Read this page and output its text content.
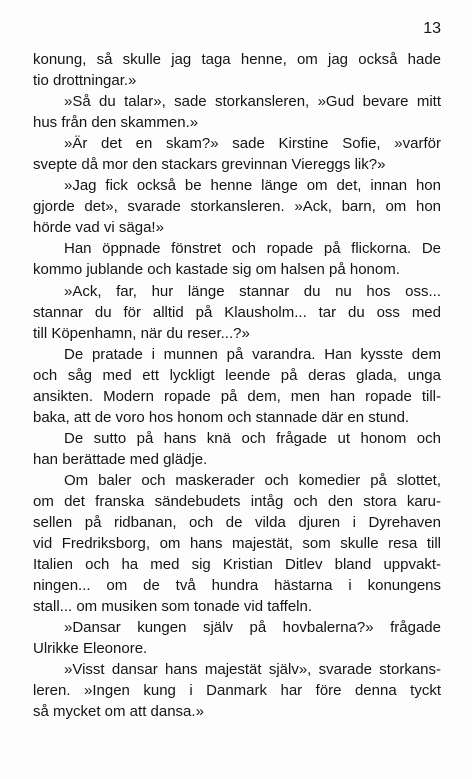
13
konung, så skulle jag taga henne, om jag också hade
tio drottningar.»
»Så du talar», sade storkansleren, »Gud bevare mitt
hus från den skammen.»
»Är det en skam?» sade Kirstine Sofie, »varför
svepte då mor den stackars grevinnan Viereggs lik?»
»Jag fick också be henne länge om det, innan hon
gjorde det», svarade storkansleren. »Ack, barn, om hon
hörde vad vi säga!»
Han öppnade fönstret och ropade på flickorna. De
kommo jublande och kastade sig om halsen på honom.
»Ack, far, hur länge stannar du nu hos oss...
stannar du för alltid på Klausholm... tar du oss med
till Köpenhamn, när du reser...?»
De pratade i munnen på varandra. Han kysste dem
och såg med ett lyckligt leende på deras glada, unga
ansikten. Modern ropade på dem, men han ropade till-
baka, att de voro hos honom och stannade där en stund.
De sutto på hans knä och frågade ut honom och
han berättade med glädje.
Om baler och maskerader och komedier på slottet,
om det franska sändebudets intåg och den stora karu-
sellen på ridbanan, och de vilda djuren i Dyrehaven
vid Fredriksborg, om hans majestät, som skulle resa till
Italien och ha med sig Kristian Ditlev bland uppvakt-
ningen... om de två hundra hästarna i konungens
stall... om musiken som tonade vid taffeln.
»Dansar kungen själv på hovbalerna?» frågade
Ulrikke Eleonore.
»Visst dansar hans majestät själv», svarade storkans-
leren. »Ingen kung i Danmark har före denna tyckt
så mycket om att dansa.»
